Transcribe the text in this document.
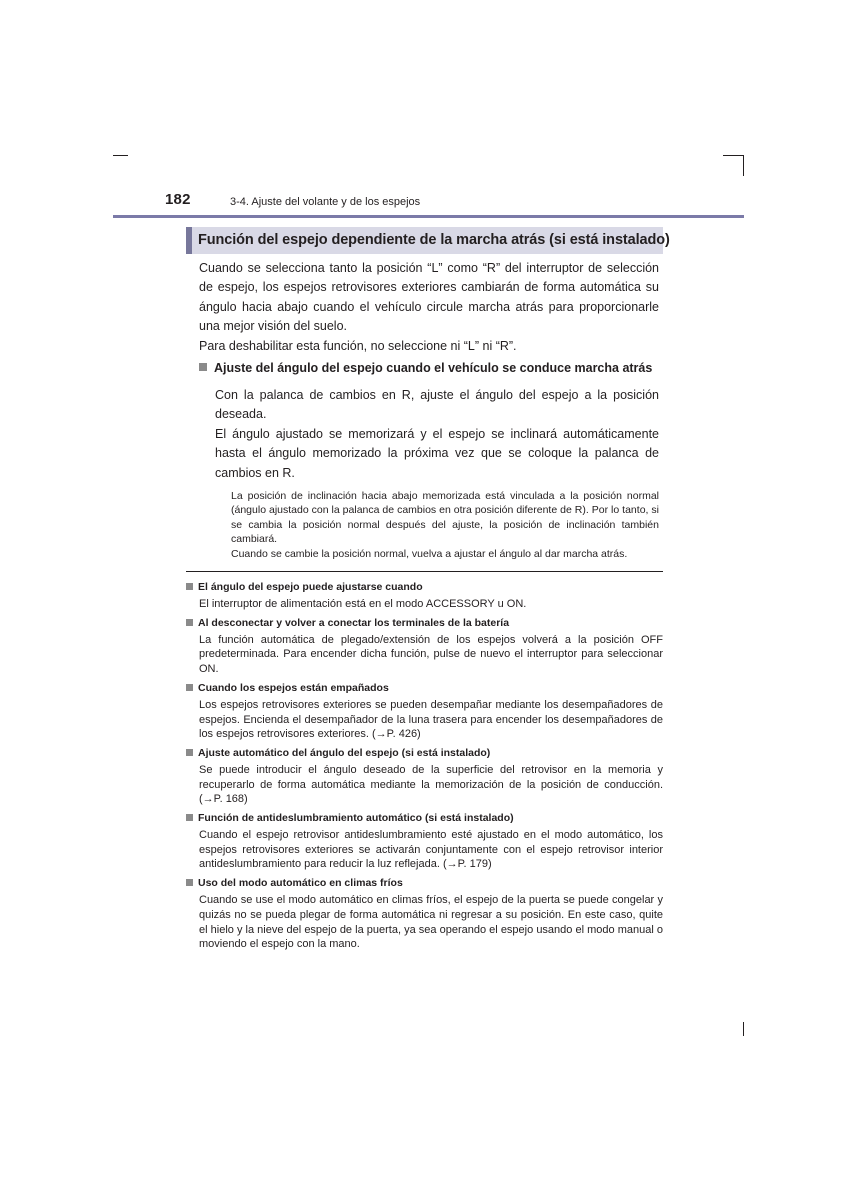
182	3-4. Ajuste del volante y de los espejos
Función del espejo dependiente de la marcha atrás (si está instalado)

Cuando se selecciona tanto la posición “L” como “R” del interruptor de selección de espejo, los espejos retrovisores exteriores cambiarán de forma automática su ángulo hacia abajo cuando el vehículo circule marcha atrás para proporcionarle una mejor visión del suelo.

Para deshabilitar esta función, no seleccione ni “L” ni “R”.

Ajuste del ángulo del espejo cuando el vehículo se conduce marcha atrás

Con la palanca de cambios en R, ajuste el ángulo del espejo a la posición deseada.

El ángulo ajustado se memorizará y el espejo se inclinará automáticamente hasta el ángulo memorizado la próxima vez que se coloque la palanca de cambios en R.

La posición de inclinación hacia abajo memorizada está vinculada a la posición normal (ángulo ajustado con la palanca de cambios en otra posición diferente de R). Por lo tanto, si se cambia la posición normal después del ajuste, la posición de inclinación también cambiará.

Cuando se cambie la posición normal, vuelva a ajustar el ángulo al dar marcha atrás.

El ángulo del espejo puede ajustarse cuando
El interruptor de alimentación está en el modo ACCESSORY u ON.
Al desconectar y volver a conectar los terminales de la batería
La función automática de plegado/extensión de los espejos volverá a la posición OFF predeterminada. Para encender dicha función, pulse de nuevo el interruptor para seleccionar ON.
Cuando los espejos están empañados
Los espejos retrovisores exteriores se pueden desempañar mediante los desempañadores de espejos. Encienda el desempañador de la luna trasera para encender los desempañadores de los espejos retrovisores exteriores. (→P. 426)
Ajuste automático del ángulo del espejo (si está instalado)
Se puede introducir el ángulo deseado de la superficie del retrovisor en la memoria y recuperarlo de forma automática mediante la memorización de la posición de conducción. (→P. 168)
Función de antideslumbramiento automático (si está instalado)
Cuando el espejo retrovisor antideslumbramiento esté ajustado en el modo automático, los espejos retrovisores exteriores se activarán conjuntamente con el espejo retrovisor interior antideslumbramiento para reducir la luz reflejada. (→P. 179)
Uso del modo automático en climas fríos
Cuando se use el modo automático en climas fríos, el espejo de la puerta se puede congelar y quizás no se pueda plegar de forma automática ni regresar a su posición. En este caso, quite el hielo y la nieve del espejo de la puerta, ya sea operando el espejo usando el modo manual o moviendo el espejo con la mano.
